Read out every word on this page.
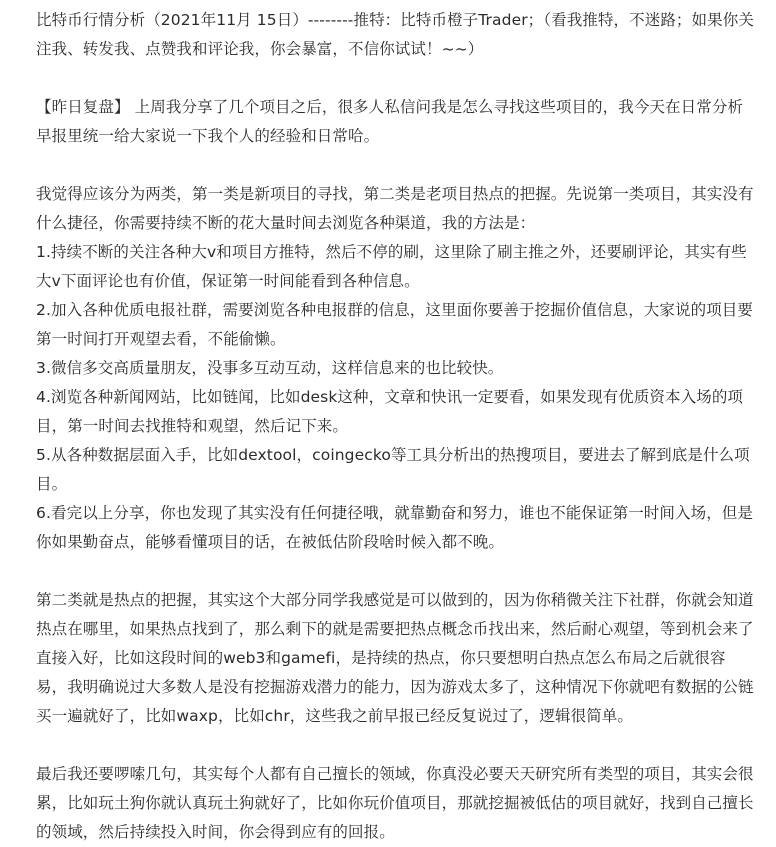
比特币行情分析（2021年11月 15日）--------推特：比特币橙子Trader；（看我推特，不迷路；如果你关注我、转发我、点赞我和评论我，你会暴富，不信你试试！~~）

【昨日复盘】 上周我分享了几个项目之后，很多人私信问我是怎么寻找这些项目的，我今天在日常分析早报里统一给大家说一下我个人的经验和日常哈。

我觉得应该分为两类，第一类是新项目的寻找，第二类是老项目热点的把握。先说第一类项目，其实没有什么捷径，你需要持续不断的花大量时间去浏览各种渠道，我的方法是：
1.持续不断的关注各种大v和项目方推特，然后不停的刷，这里除了刷主推之外，还要刷评论，其实有些大v下面评论也有价值，保证第一时间能看到各种信息。
2.加入各种优质电报社群，需要浏览各种电报群的信息，这里面你要善于挖掘价值信息，大家说的项目要第一时间打开观望去看，不能偷懒。
3.微信多交高质量朋友，没事多互动互动，这样信息来的也比较快。
4.浏览各种新闻网站，比如链闻，比如desk这种，文章和快讯一定要看，如果发现有优质资本入场的项目，第一时间去找推特和观望，然后记下来。
5.从各种数据层面入手，比如dextool，coingecko等工具分析出的热搜项目，要进去了解到底是什么项目。
6.看完以上分享，你也发现了其实没有任何捷径哦，就靠勤奋和努力，谁也不能保证第一时间入场，但是你如果勤奋点，能够看懂项目的话，在被低估阶段啥时候入都不晚。

第二类就是热点的把握，其实这个大部分同学我感觉是可以做到的，因为你稍微关注下社群，你就会知道热点在哪里，如果热点找到了，那么剩下的就是需要把热点概念币找出来，然后耐心观望，等到机会来了直接入好，比如这段时间的web3和gamefi，是持续的热点，你只要想明白热点怎么布局之后就很容易，我明确说过大多数人是没有挖掘游戏潜力的能力，因为游戏太多了，这种情况下你就吧有数据的公链买一遍就好了，比如waxp，比如chr，这些我之前早报已经反复说过了，逻辑很简单。

最后我还要啰嗦几句，其实每个人都有自己擅长的领域，你真没必要天天研究所有类型的项目，其实会很累，比如玩土狗你就认真玩土狗就好了，比如你玩价值项目，那就挖掘被低估的项目就好，找到自己擅长的领域，然后持续投入时间，你会得到应有的回报。
